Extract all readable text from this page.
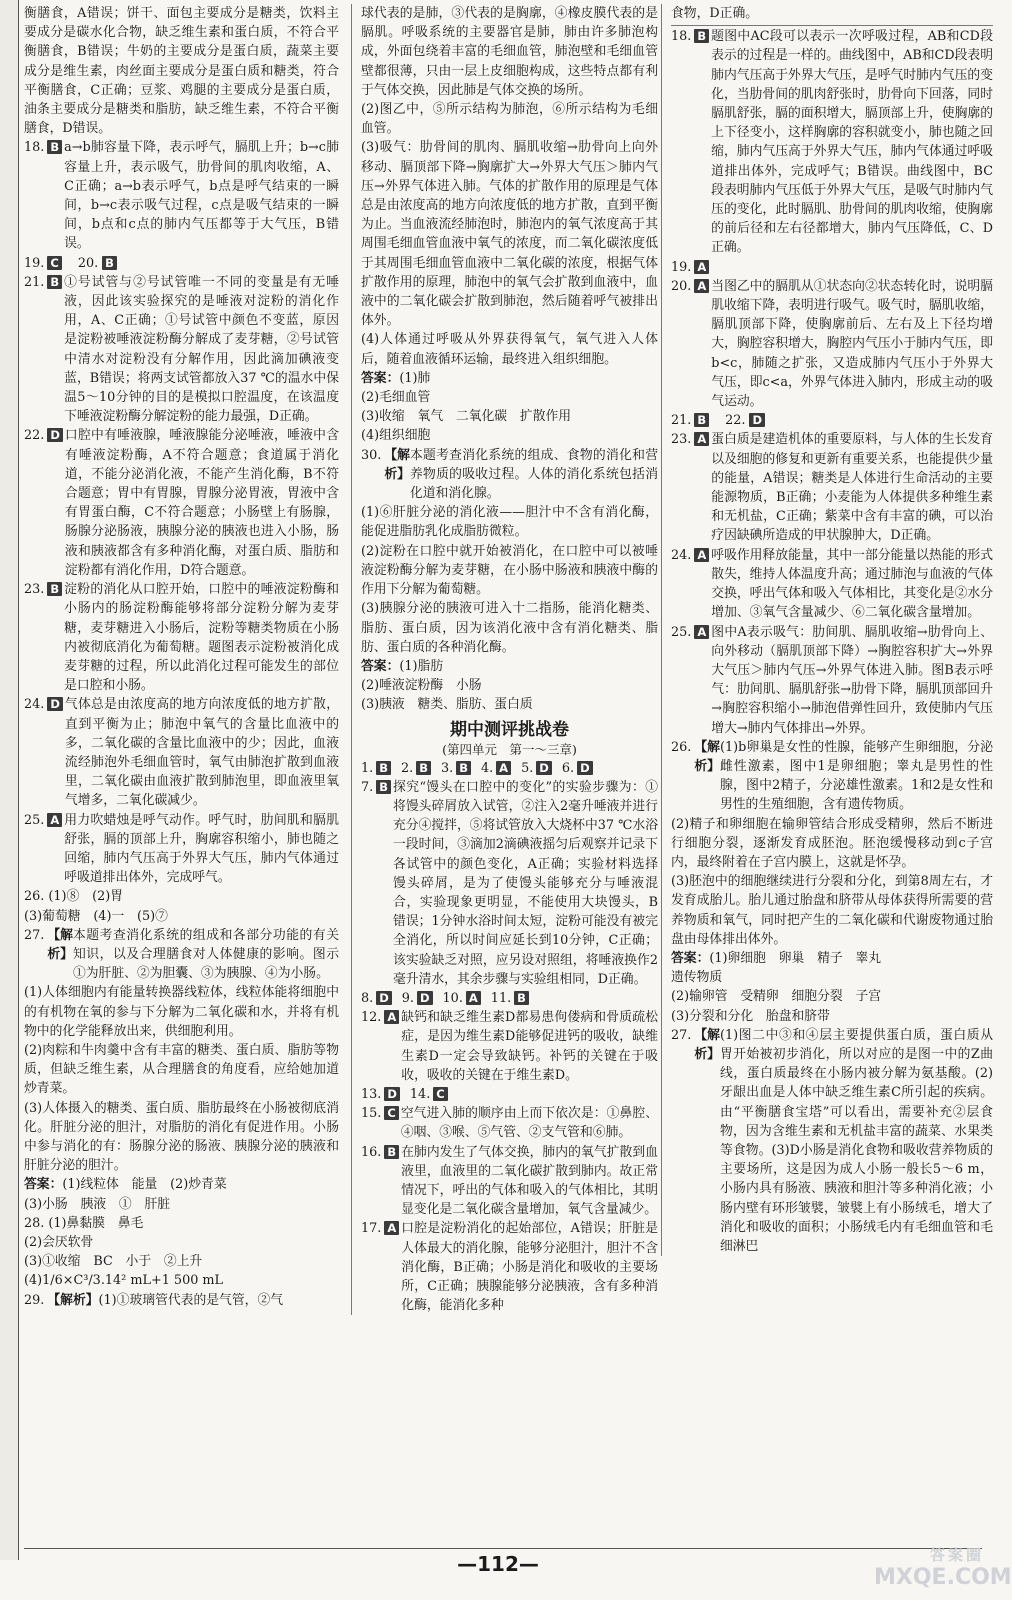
衡膳食，A错误；饼干、面包主要成分是糖类，饮料主要成分是碳水化合物，缺乏维生素和蛋白质，不符合平衡膳食，B错误；牛奶的主要成分是蛋白质，蔬菜主要成分是维生素，肉丝面主要成分是蛋白质和糖类，符合平衡膳食，C正确；豆浆、鸡腿的主要成分是蛋白质，油条主要成分是糖类和脂肪，缺乏维生素，不符合平衡膳食，D错误。
18. B a→b肺容量下降，表示呼气，膈肌上升；b→c肺容量上升，表示吸气，肋骨间的肌肉收缩，A、C正确；a→b表示呼气，b点是呼气结束的一瞬间，b→c表示吸气过程，c点是吸气结束的一瞬间，b点和c点的肺内气压都等于大气压，B错误。
19. C 20. B
21. B ①号试管与②号试管唯一不同的变量是有无唾液，因此该实验探究的是唾液对淀粉的消化作用，A、C正确；①号试管中颜色不变蓝，原因是淀粉被唾液淀粉酶分解成了麦芽糖，②号试管中清水对淀粉没有分解作用，因此滴加碘液变蓝，B错误；将两支试管都放入37 ℃的温水中保温5～10分钟的目的是模拟口腔温度，在该温度下唾液淀粉酶分解淀粉的能力最强，D正确。
22. D 口腔中有唾液腺，唾液腺能分泌唾液，唾液中含有唾液淀粉酶，A不符合题意；食道属于消化道，不能分泌消化液，不能产生消化酶，B不符合题意；胃中有胃腺，胃腺分泌胃液，胃液中含有胃蛋白酶，C不符合题意；小肠壁上有肠腺，肠腺分泌肠液，胰腺分泌的胰液也进入小肠，肠液和胰液都含有多种消化酶，对蛋白质、脂肪和淀粉都有消化作用，D符合题意。
23. B 淀粉的消化从口腔开始，口腔中的唾液淀粉酶和小肠内的肠淀粉酶能够将部分淀粉分解为麦芽糖，麦芽糖进入小肠后，淀粉等糖类物质在小肠内被彻底消化为葡萄糖。题图表示淀粉被消化成麦芽糖的过程，所以此消化过程可能发生的部位是口腔和小肠。
24. D 气体总是由浓度高的地方向浓度低的地方扩散，直到平衡为止；肺泡中氧气的含量比血液中的多，二氧化碳的含量比血液中的少；因此，血液流经肺泡外毛细血管时，氧气由肺泡扩散到血液里，二氧化碳由血液扩散到肺泡里，即血液里氧气增多，二氧化碳减少。
25. A 用力吹蜡烛是呼气动作。呼气时，肋间肌和膈肌舒张，膈的顶部上升，胸廓容积缩小，肺也随之回缩，肺内气压高于外界大气压，肺内气体通过呼吸道排出体外，完成呼气。
26. (1)⑧　(2)胃
(3)葡萄糖　(4)一　(5)⑦
27. 【解析】
本题考查消化系统的组成和各部分功能的有关知识，以及合理膳食对人体健康的影响。图示①为肝脏、②为胆囊、③为胰腺、④为小肠。
(1)人体细胞内有能量转换器线粒体，线粒体能将细胞中的有机物在氧的参与下分解为二氧化碳和水，并将有机物中的化学能释放出来，供细胞利用。
(2)肉粽和牛肉羹中含有丰富的糖类、蛋白质、脂肪等物质，但缺乏维生素，从合理膳食的角度看，应给她加道炒青菜。
(3)人体摄入的糖类、蛋白质、脂肪最终在小肠被彻底消化。肝脏分泌的胆汁，对脂肪的消化有促进作用。小肠中参与消化的有：肠腺分泌的肠液、胰腺分泌的胰液和肝脏分泌的胆汁。
答案：(1)线粒体　能量　(2)炒青菜
(3)小肠　胰液　①　肝脏
28. (1)鼻黏膜　鼻毛
(2)会厌软骨
(3)①收缩　BC　小于　②上升
(4)1/6×C³/3.14² mL+1 500 mL
29. 【解析】 (1)①玻璃管代表的是气管，②气
球代表的是肺，③代表的是胸廓，④橡皮膜代表的是膈肌。呼吸系统的主要器官是肺，肺由许多肺泡构成，外面包绕着丰富的毛细血管，肺泡壁和毛细血管壁都很薄，只由一层上皮细胞构成，这些特点都有利于气体交换，因此肺是气体交换的场所。
(2)图乙中，⑤所示结构为肺泡，⑥所示结构为毛细血管。
(3)吸气：肋骨间的肌肉、膈肌收缩→肋骨向上向外移动、膈顶部下降→胸廓扩大→外界大气压＞肺内气压→外界气体进入肺。气体的扩散作用的原理是气体总是由浓度高的地方向浓度低的地方扩散，直到平衡为止。当血液流经肺泡时，肺泡内的氧气浓度高于其周围毛细血管血液中氧气的浓度，而二氧化碳浓度低于其周围毛细血管血液中二氧化碳的浓度，根据气体扩散作用的原理，肺泡中的氧气会扩散到血液中，血液中的二氧化碳会扩散到肺泡，然后随着呼气被排出体外。
(4)人体通过呼吸从外界获得氧气，氧气进入人体后，随着血液循环运输，最终进入组织细胞。
答案：(1)肺
(2)毛细血管
(3)收缩　氧气　二氧化碳　扩散作用
(4)组织细胞
30. 【解析】
本题考查消化系统的组成、食物的消化和营养物质的吸收过程。人体的消化系统包括消化道和消化腺。
(1)⑥肝脏分泌的消化液——胆汁中不含有消化酶，能促进脂肪乳化成脂肪微粒。
(2)淀粉在口腔中就开始被消化，在口腔中可以被唾液淀粉酶分解为麦芽糖，在小肠中肠液和胰液中酶的作用下分解为葡萄糖。
(3)胰腺分泌的胰液可进入十二指肠，能消化糖类、脂肪、蛋白质，因为该消化液中含有消化糖类、脂肪、蛋白质的各种消化酶。
答案：(1)脂肪
(2)唾液淀粉酶　小肠
(3)胰液　糖类、脂肪、蛋白质
期中测评挑战卷
(第四单元　第一～三章)
1. B 2. B 3. B 4. A 5. D 6. D
7. B 探究“馒头在口腔中的变化”的实验步骤为：①将馒头碎屑放入试管，②注入2毫升唾液并进行充分④搅拌，⑤将试管放入大烧杯中37 ℃水浴一段时间，③滴加2滴碘液摇匀后观察并记录下各试管中的颜色变化，A正确；实验材料选择馒头碎屑，是为了使馒头能够充分与唾液混合，实验现象更明显，不能使用大块馒头，B错误；1分钟水浴时间太短，淀粉可能没有被完全消化，所以时间应延长到10分钟，C正确；该实验缺乏对照，应另设对照组，将唾液换作2毫升清水，其余步骤与实验组相同，D正确。
8. D 9. D 10. A 11. B
12. A 缺钙和缺乏维生素D都易患佝偻病和骨质疏松症，是因为维生素D能够促进钙的吸收，缺维生素D一定会导致缺钙。补钙的关键在于吸收，吸收的关键在于维生素D。
13. D 14. C
15. C 空气进入肺的顺序由上而下依次是：①鼻腔、④咽、③喉、⑤气管、②支气管和⑥肺。
16. B 在肺内发生了气体交换，肺内的氧气扩散到血液里，血液里的二氧化碳扩散到肺内。故正常情况下，呼出的气体和吸入的气体相比，其明显变化是二氧化碳含量增加，氧气含量减少。
17. A 口腔是淀粉消化的起始部位，A错误；肝脏是人体最大的消化腺，能够分泌胆汁，胆汁不含消化酶，B正确；小肠是消化和吸收的主要场所，C正确；胰腺能够分泌胰液，含有多种消化酶，能消化多种
食物，D正确。
18. B 题图中AC段可以表示一次呼吸过程，AB和CD段表示的过程是一样的。曲线图中，AB和CD段表明肺内气压高于外界大气压，是呼气时肺内气压的变化，当肋骨间的肌肉舒张时，肋骨向下回落，同时膈肌舒张，膈的面积增大，膈顶部上升，使胸廓的上下径变小，这样胸廓的容积就变小，肺也随之回缩，肺内气压高于外界大气压，肺内气体通过呼吸道排出体外，完成呼气；B错误。曲线图中，BC段表明肺内气压低于外界大气压，是吸气时肺内气压的变化，此时膈肌、肋骨间的肌肉收缩，使胸廓的前后径和左右径都增大，肺内气压降低，C、D正确。
19. A
20. A 当图乙中的膈肌从①状态向②状态转化时，说明膈肌收缩下降，表明进行吸气。吸气时，膈肌收缩，膈肌顶部下降，使胸廓前后、左右及上下径均增大，胸腔容积增大，胸腔内气压小于肺内气压，即b<c，肺随之扩张，又造成肺内气压小于外界大气压，即c<a，外界气体进入肺内，形成主动的吸气运动。
21. B 22. D
23. A 蛋白质是建造机体的重要原料，与人体的生长发育以及细胞的修复和更新有重要关系，也能提供少量的能量，A错误；糖类是人体进行生命活动的主要能源物质，B正确；小麦能为人体提供多种维生素和无机盐，C正确；紫菜中含有丰富的碘，可以治疗因缺碘所造成的甲状腺肿大，D正确。
24. A 呼吸作用释放能量，其中一部分能量以热能的形式散失，维持人体温度升高；通过肺泡与血液的气体交换，呼出气体和吸入气体相比，其变化是②水分增加、③氧气含量减少、⑥二氧化碳含量增加。
25. A 图中A表示吸气：肋间肌、膈肌收缩→肋骨向上、向外移动（膈肌顶部下降）→胸腔容积扩大→外界大气压＞肺内气压→外界气体进入肺。图B表示呼气：肋间肌、膈肌舒张→肋骨下降，膈肌顶部回升→胸腔容积缩小→肺泡借弹性回升，致使肺内气压增大→肺内气体排出→外界。
26. 【解析】
(1)b卵巢是女性的性腺，能够产生卵细胞，分泌雌性激素，图中1是卵细胞；睾丸是男性的性腺，图中2精子，分泌雄性激素。1和2是女性和男性的生殖细胞，含有遗传物质。
(2)精子和卵细胞在输卵管结合形成受精卵，然后不断进行细胞分裂，逐渐发育成胚泡。胚泡缓慢移动到c子宫内，最终附着在子宫内膜上，这就是怀孕。
(3)胚泡中的细胞继续进行分裂和分化，到第8周左右，才发育成胎儿。胎儿通过胎盘和脐带从母体获得所需要的营养物质和氧气，同时把产生的二氧化碳和代谢废物通过胎盘由母体排出体外。
答案：(1)卵细胞　卵巢　精子　睾丸
遗传物质
(2)输卵管　受精卵　细胞分裂　子宫
(3)分裂和分化　胎盘和脐带
27. 【解析】
(1)图二中③和④层主要提供蛋白质，蛋白质从胃开始被初步消化，所以对应的是图一中的Z曲线，蛋白质最终在小肠内被分解为氨基酸。(2)牙龈出血是人体中缺乏维生素C所引起的疾病。由“平衡膳食宝塔”可以看出，需要补充②层食物，因为含维生素和无机盐丰富的蔬菜、水果类等食物。(3)D小肠是消化食物和吸收营养物质的主要场所，这是因为成人小肠一般长5～6 m，小肠内具有肠液、胰液和胆汁等多种消化液；小肠内壁有环形皱襞，皱襞上有小肠绒毛，增大了消化和吸收的面积；小肠绒毛内有毛细血管和毛细淋巴
—112—	答案圈
MXQE.COM
